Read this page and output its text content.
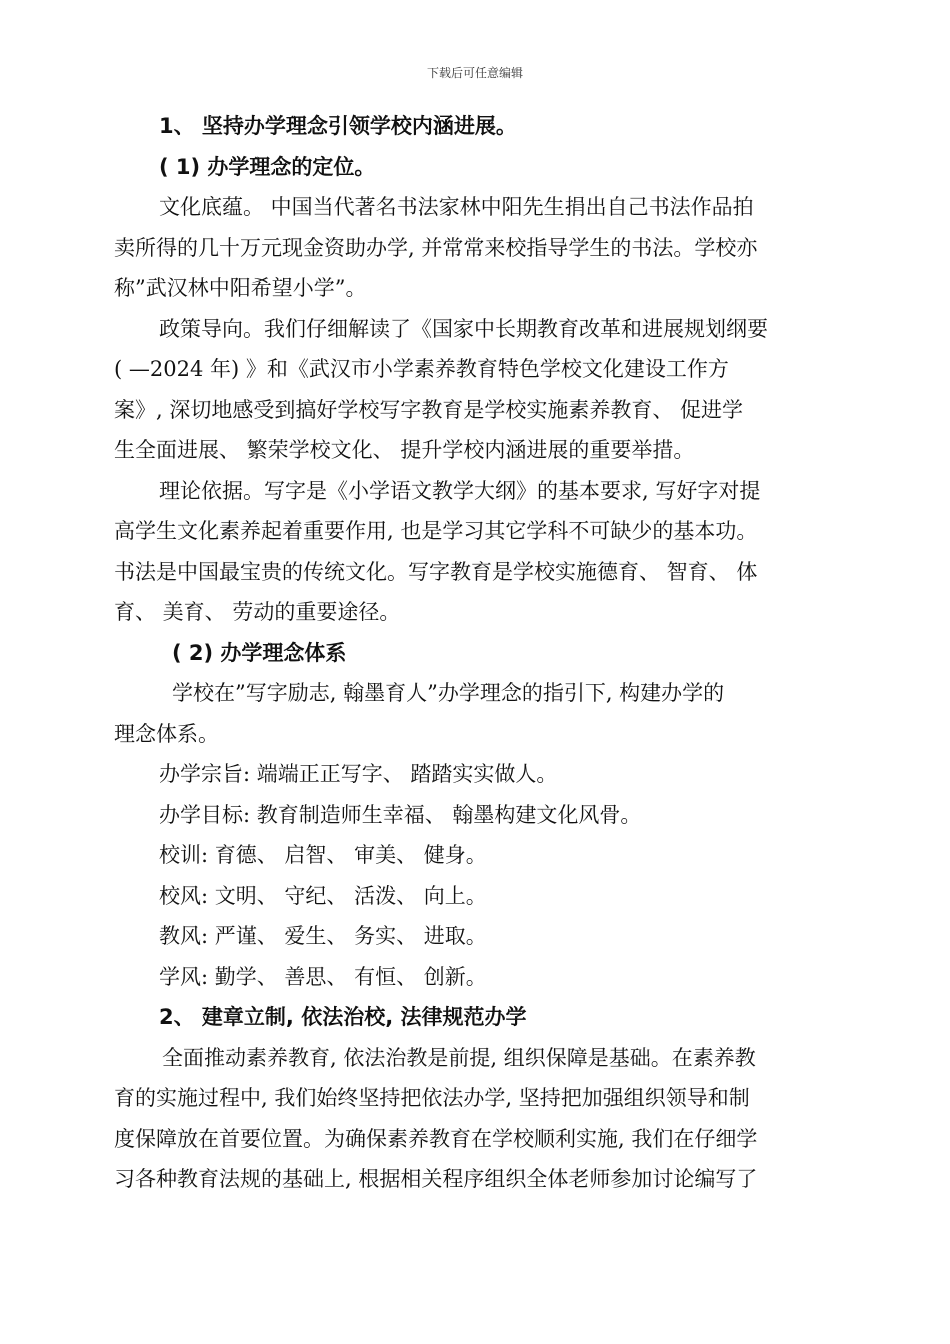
下载后可任意编辑
1、 坚持办学理念引领学校内涵进展。
( 1) 办学理念的定位。
文化底蕴。 中国当代著名书法家林中阳先生捐出自己书法作品拍
卖所得的几十万元现金资助办学, 并常常来校指导学生的书法。学校亦
称”武汉林中阳希望小学”。
政策导向。我们仔细解读了《国家中长期教育改革和进展规划纲要
( —2024 年) 》和《武汉市小学素养教育特色学校文化建设工作方
案》, 深切地感受到搞好学校写字教育是学校实施素养教育、 促进学
生全面进展、 繁荣学校文化、 提升学校内涵进展的重要举措。
理论依据。写字是《小学语文教学大纲》的基本要求, 写好字对提
高学生文化素养起着重要作用, 也是学习其它学科不可缺少的基本功。
书法是中国最宝贵的传统文化。写字教育是学校实施德育、 智育、 体
育、 美育、 劳动的重要途径。
( 2) 办学理念体系
学校在”写字励志, 翰墨育人”办学理念的指引下, 构建办学的
理念体系。
办学宗旨: 端端正正写字、 踏踏实实做人。
办学目标: 教育制造师生幸福、 翰墨构建文化风骨。
校训: 育德、 启智、 审美、 健身。
校风: 文明、 守纪、 活泼、 向上。
教风: 严谨、 爱生、 务实、 进取。
学风: 勤学、 善思、 有恒、 创新。
2、 建章立制, 依法治校, 法律规范办学
全面推动素养教育, 依法治教是前提, 组织保障是基础。在素养教
育的实施过程中, 我们始终坚持把依法办学, 坚持把加强组织领导和制
度保障放在首要位置。为确保素养教育在学校顺利实施, 我们在仔细学
习各种教育法规的基础上, 根据相关程序组织全体老师参加讨论编写了
